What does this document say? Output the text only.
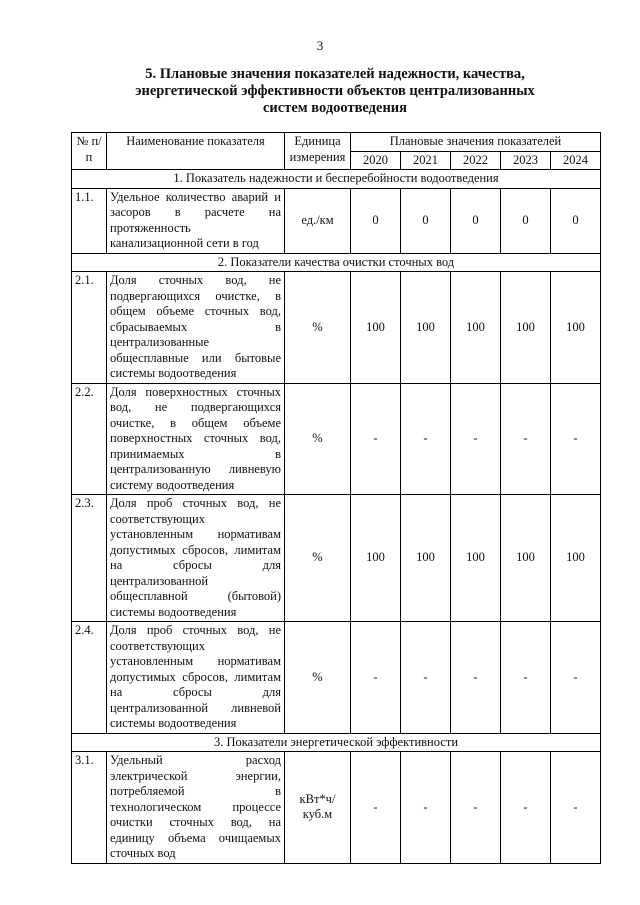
3
5. Плановые значения показателей надежности, качества,
энергетической эффективности объектов централизованных
систем водоотведения
№ п/п	Наименование показателя	Единица измерения	Плановые значения показателей				
			2020	2021	2022	2023	2024
1. Показатель надежности и бесперебойности водоотведения							
1.1.	Удельное количество аварий и засоров в расчете на протяженность канализационной сети в год	ед./км	0	0	0	0	0
2. Показатели качества очистки сточных вод							
2.1.	Доля сточных вод, не подвергающихся очистке, в общем объеме сточных вод, сбрасываемых в централизованные общесплавные или бытовые системы водоотведения	%	100	100	100	100	100
2.2.	Доля поверхностных сточных вод, не подвергающихся очистке, в общем объеме поверхностных сточных вод, принимаемых в централизованную ливневую систему водоотведения	%	-	-	-	-	-
2.3.	Доля проб сточных вод, не соответствующих установленным нормативам допустимых сбросов, лимитам на сбросы для централизованной общесплавной (бытовой) системы водоотведения	%	100	100	100	100	100
2.4.	Доля проб сточных вод, не соответствующих установленным нормативам допустимых сбросов, лимитам на сбросы для централизованной ливневой системы водоотведения	%	-	-	-	-	-
3. Показатели энергетической эффективности							
3.1.	Удельный расход электрической энергии, потребляемой в технологическом процессе очистки сточных вод, на единицу объема очищаемых сточных вод	кВт*ч/ куб.м	-	-	-	-	-
